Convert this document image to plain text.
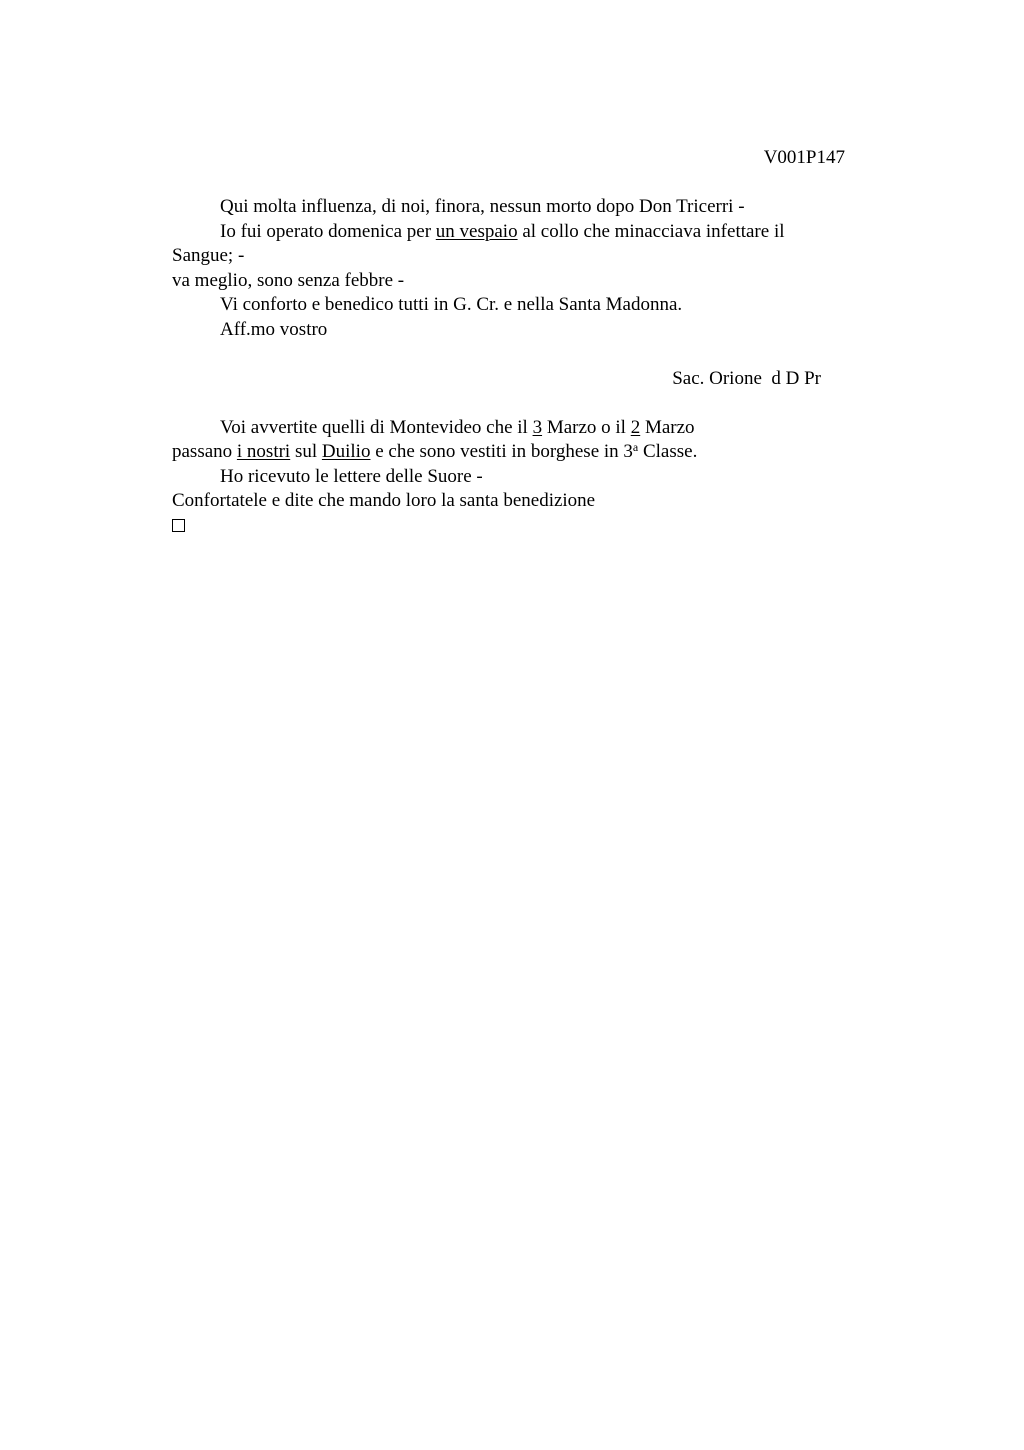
V001P147
Qui molta influenza, di noi, finora, nessun morto dopo Don Tricerri -
Io fui operato domenica per un vespaio al collo che minacciava infettare il
Sangue; -
va meglio, sono senza febbre -
Vi conforto e benedico tutti in G. Cr. e nella Santa Madonna.
Aff.mo vostro
Sac. Orione  d D Pr
Voi avvertite quelli di Montevideo che il 3 Marzo o il 2 Marzo
passano i nostri sul Duilio e che sono vestiti in borghese in 3$^a$ Classe.
Ho ricevuto le lettere delle Suore -
Confortatele e dite che mando loro la santa benedizione
